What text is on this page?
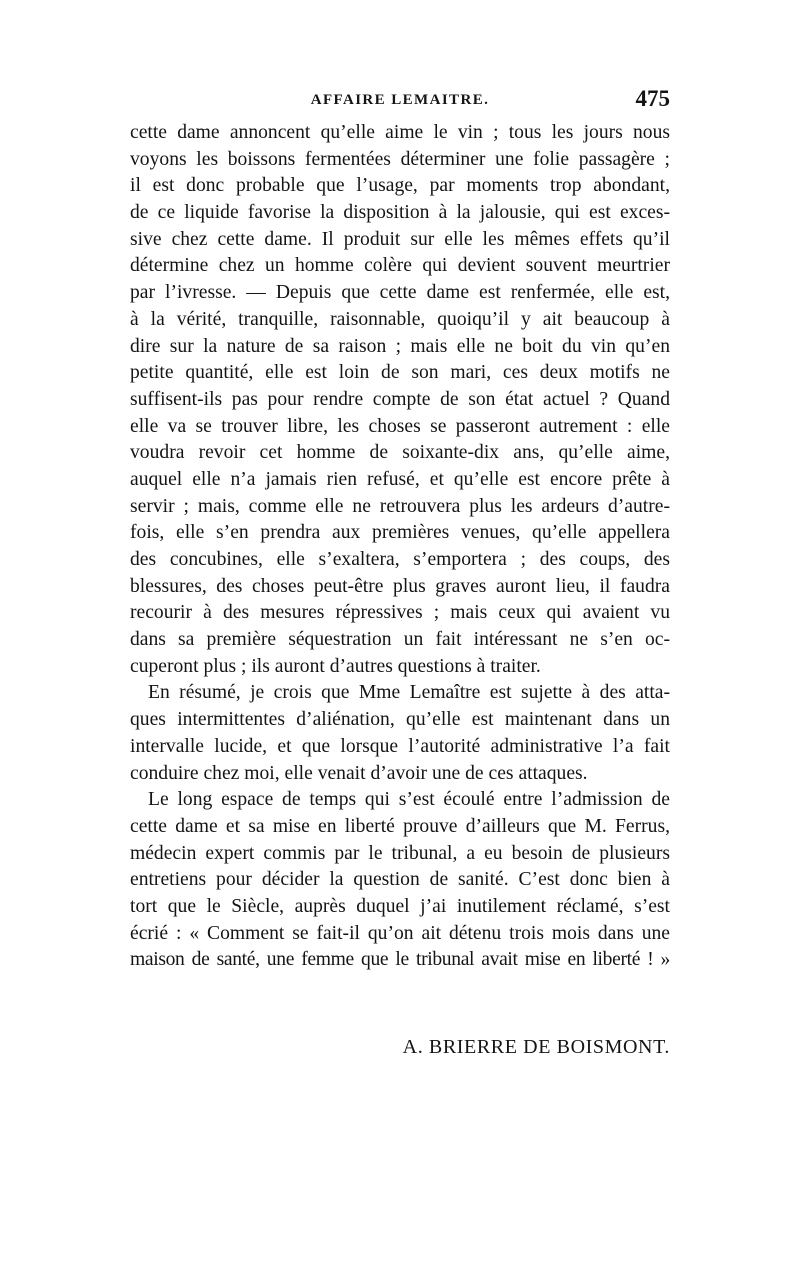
AFFAIRE LEMAITRE.	475
cette dame annoncent qu’elle aime le vin ; tous les jours nous
voyons les boissons fermentées déterminer une folie passagère ;
il est donc probable que l’usage, par moments trop abondant,
de ce liquide favorise la disposition à la jalousie, qui est exces-
sive chez cette dame. Il produit sur elle les mêmes effets qu’il
détermine chez un homme colère qui devient souvent meurtrier
par l’ivresse. — Depuis que cette dame est renfermée, elle est,
à la vérité, tranquille, raisonnable, quoiqu’il y ait beaucoup à
dire sur la nature de sa raison ; mais elle ne boit du vin qu’en
petite quantité, elle est loin de son mari, ces deux motifs ne
suffisent-ils pas pour rendre compte de son état actuel ? Quand
elle va se trouver libre, les choses se passeront autrement : elle
voudra revoir cet homme de soixante-dix ans, qu’elle aime,
auquel elle n’a jamais rien refusé, et qu’elle est encore prête à
servir ; mais, comme elle ne retrouvera plus les ardeurs d’autre-
fois, elle s’en prendra aux premières venues, qu’elle appellera
des concubines, elle s’exaltera, s’emportera ; des coups, des
blessures, des choses peut-être plus graves auront lieu, il faudra
recourir à des mesures répressives ; mais ceux qui avaient vu
dans sa première séquestration un fait intéressant ne s’en oc-
cuperont plus ; ils auront d’autres questions à traiter.
En résumé, je crois que Mme Lemaître est sujette à des atta-
ques intermittentes d’aliénation, qu’elle est maintenant dans un
intervalle lucide, et que lorsque l’autorité administrative l’a fait
conduire chez moi, elle venait d’avoir une de ces attaques.
Le long espace de temps qui s’est écoulé entre l’admission de
cette dame et sa mise en liberté prouve d’ailleurs que M. Ferrus,
médecin expert commis par le tribunal, a eu besoin de plusieurs
entretiens pour décider la question de sanité. C’est donc bien à
tort que le Siècle, auprès duquel j’ai inutilement réclamé, s’est
écrié : « Comment se fait-il qu’on ait détenu trois mois dans une
maison de santé, une femme que le tribunal avait mise en liberté ! »
A. BRIERRE DE BOISMONT.
